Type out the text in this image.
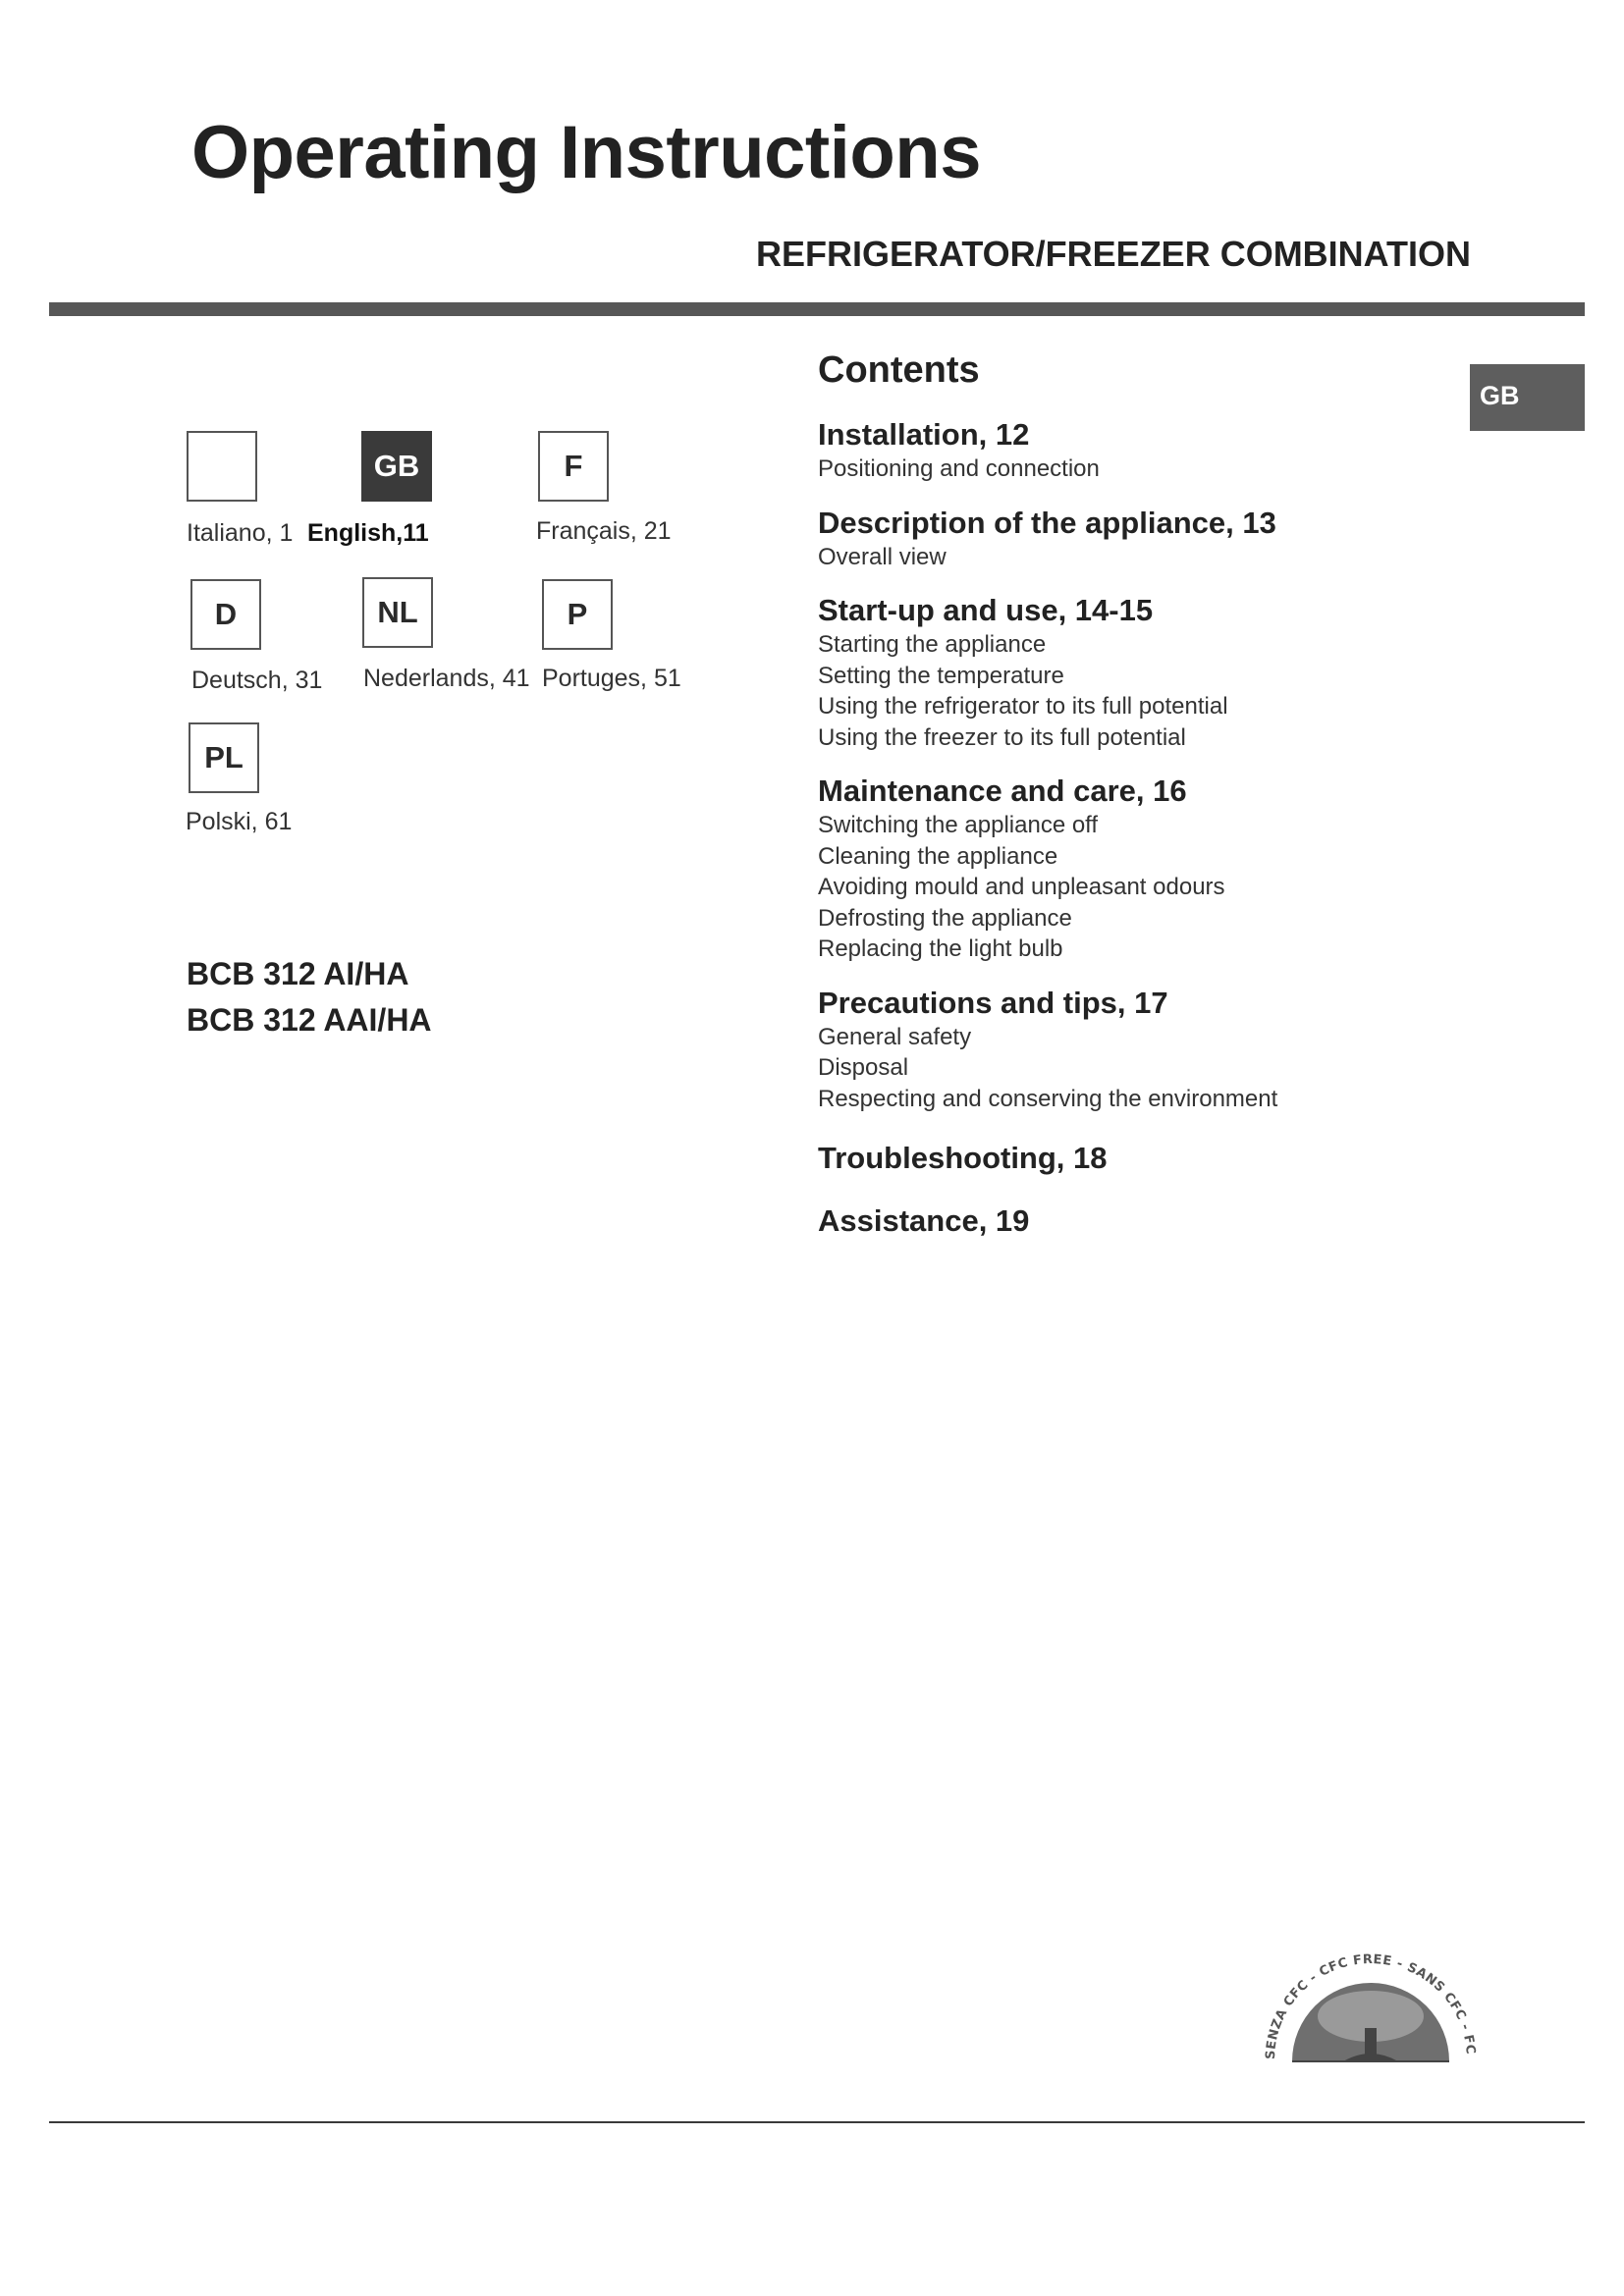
Operating Instructions
REFRIGERATOR/FREEZER COMBINATION
GB
GB	F
Italiano, 1 English,11	Français, 21
D	NL	P
Deutsch, 31 Nederlands, 41 Portuges, 51
PL
Polski, 61
BCB 312 AI/HA
BCB 312 AAI/HA
Contents
Installation, 12
Positioning and connection
Description of the appliance, 13
Overall view
Start-up and use, 14-15
Starting the appliance
Setting the temperature
Using the refrigerator to its full potential
Using the freezer to its full potential
Maintenance and care, 16
Switching the appliance off
Cleaning the appliance
Avoiding mould and unpleasant odours
Defrosting the appliance
Replacing the light bulb
Precautions and tips, 17
General safety
Disposal
Respecting and conserving the environment
Troubleshooting, 18
Assistance, 19
SENZA CFC - CFC FREE - SANS CFC - FC
